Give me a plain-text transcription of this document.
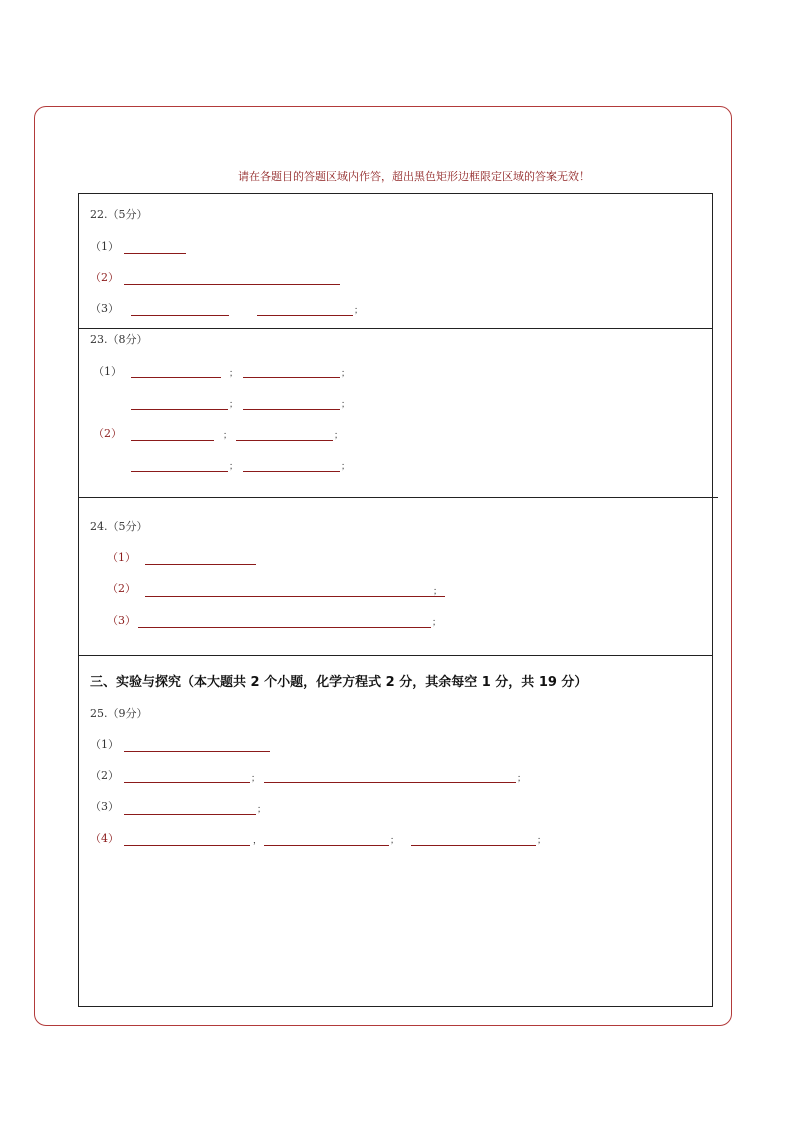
请在各题目的答题区域内作答，超出黑色矩形边框限定区域的答案无效！
22.（5分）
（1）
（2）
（3）	；
23.（8分）
（1）	；	；
；	；
（2）	；	；
；	；
24.（5分）
（1）
（2）	；
（3）	；
三、实验与探究（本大题共 2 个小题，化学方程式 2 分，其余每空 1 分，共 19 分）
25.（9分）
（1）
（2）	；	；
（3）	；
（4）	，	；	；
